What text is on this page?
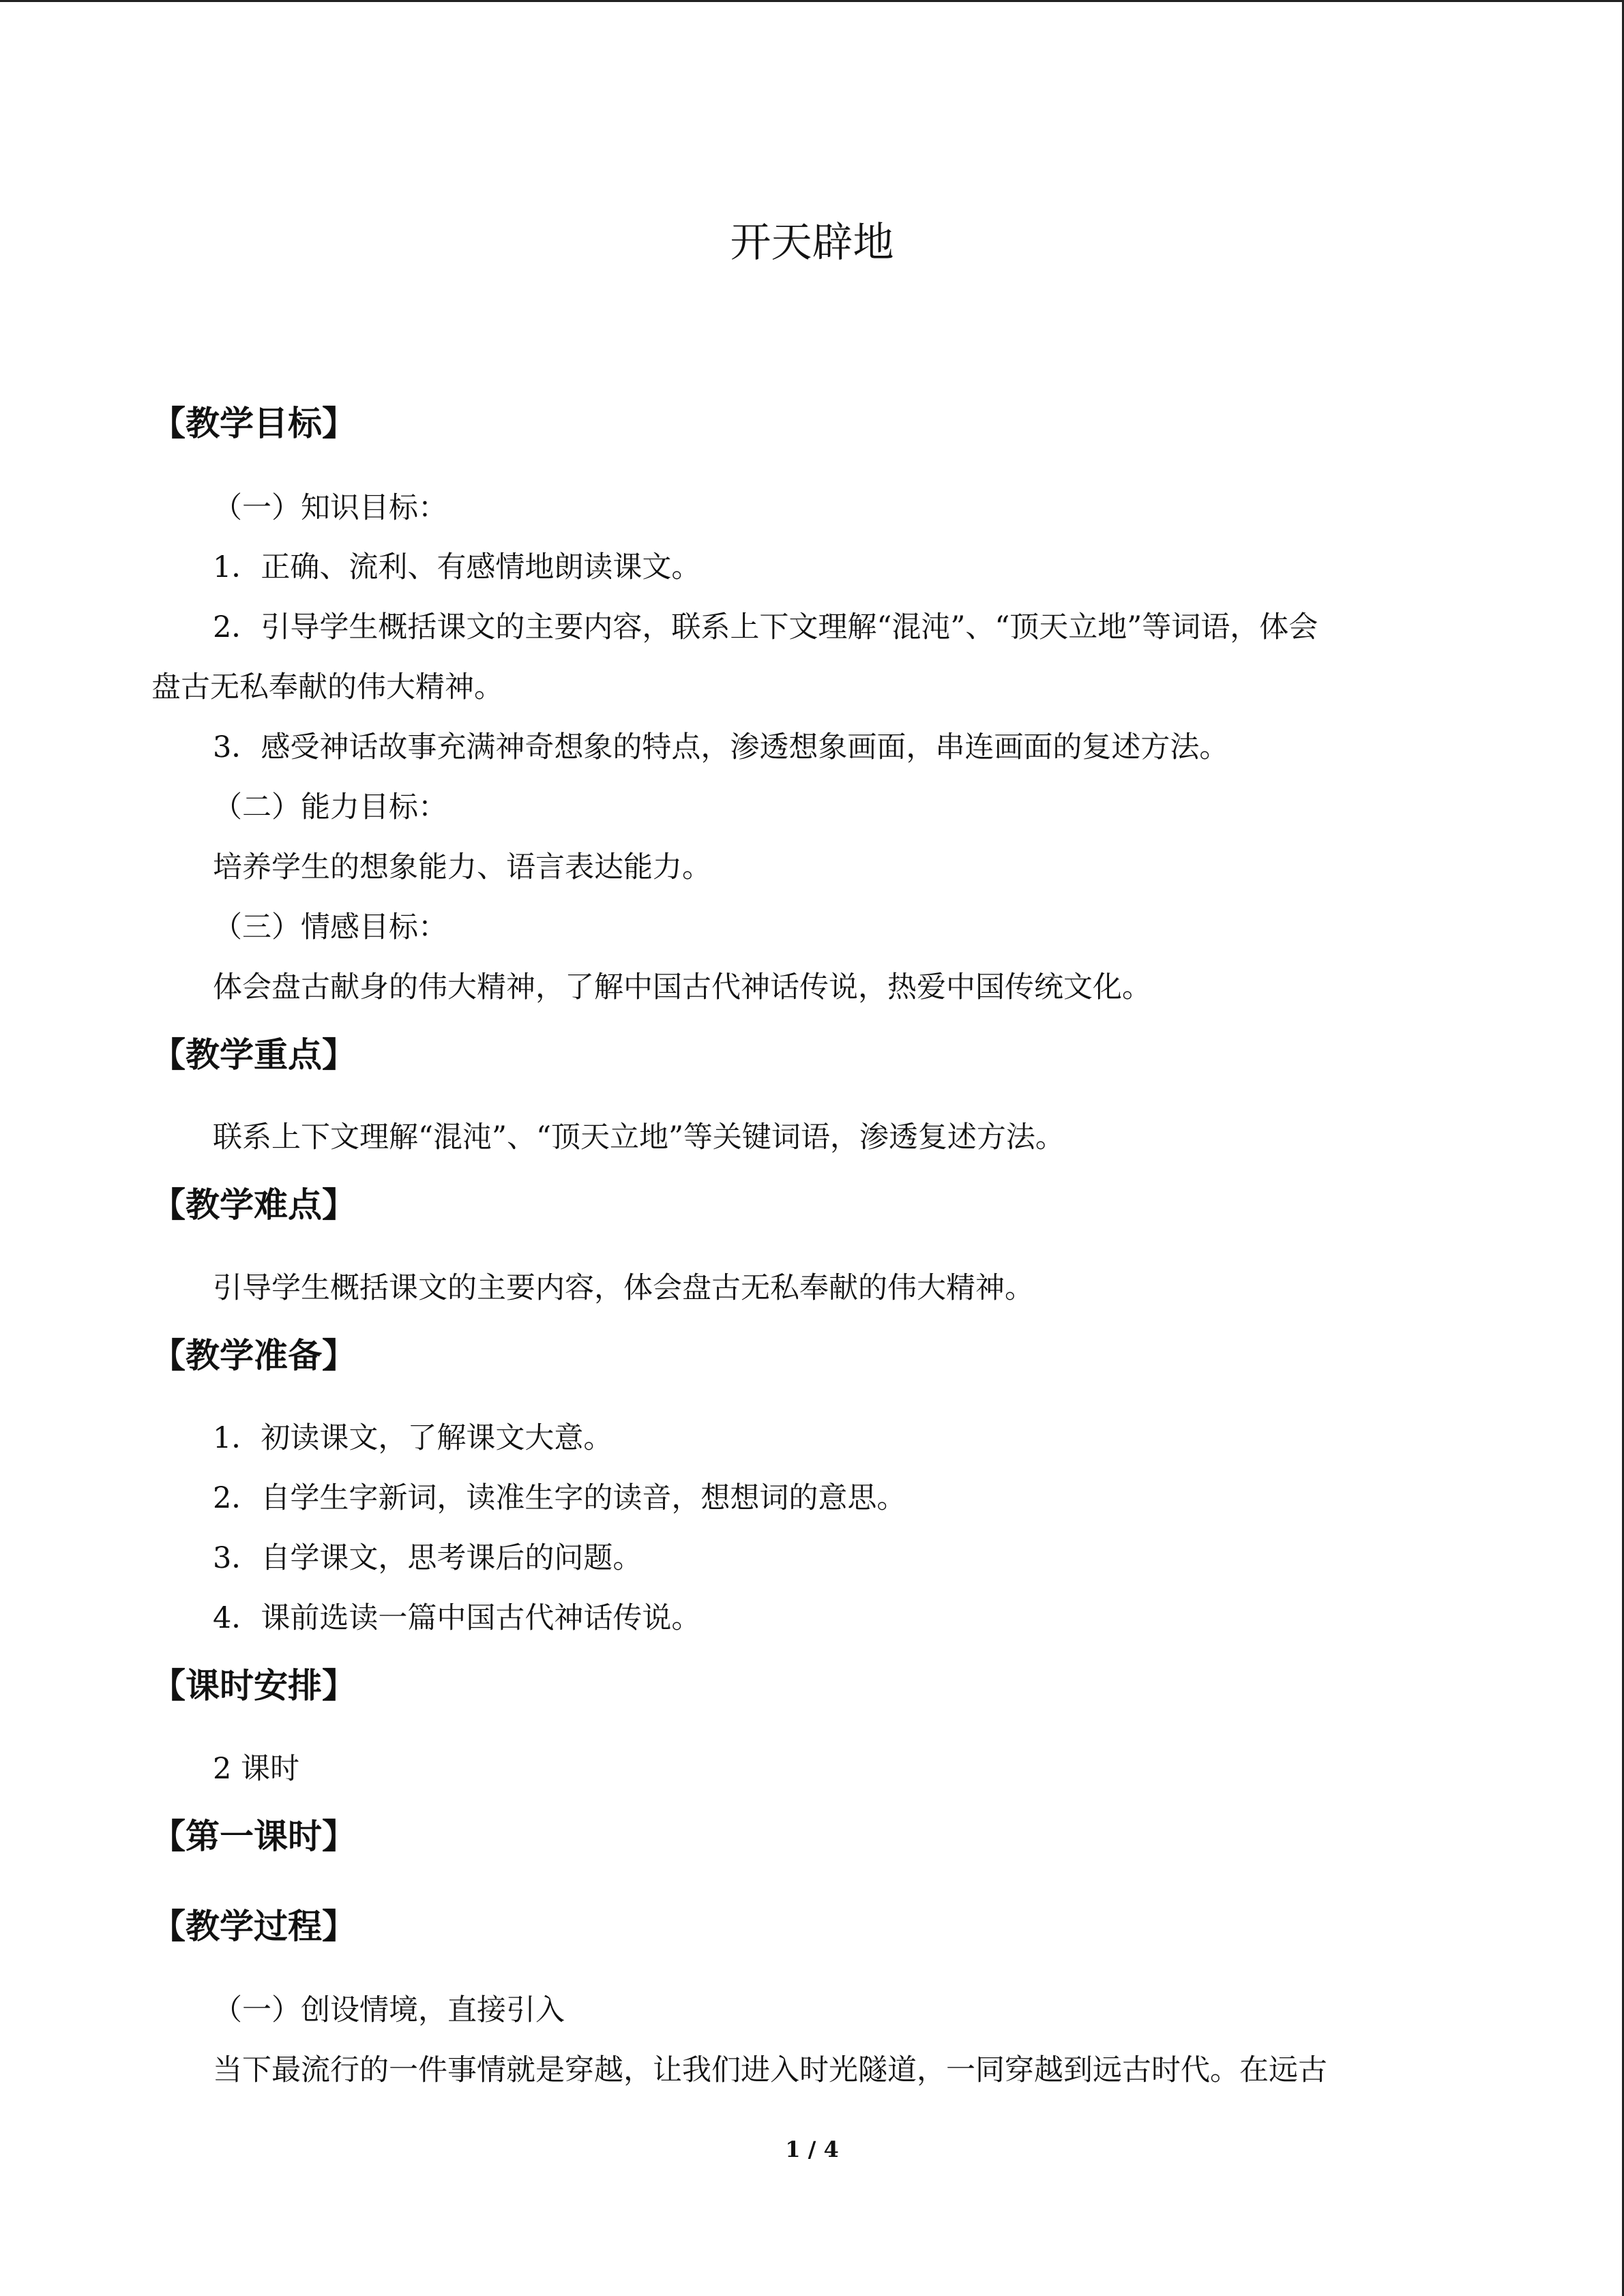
开天辟地
【教学目标】
（一）知识目标：
1．正确、流利、有感情地朗读课文。
2．引导学生概括课文的主要内容，联系上下文理解“混沌”、“顶天立地”等词语，体会
盘古无私奉献的伟大精神。
3．感受神话故事充满神奇想象的特点，渗透想象画面，串连画面的复述方法。
（二）能力目标：
培养学生的想象能力、语言表达能力。
（三）情感目标：
体会盘古献身的伟大精神，了解中国古代神话传说，热爱中国传统文化。
【教学重点】
联系上下文理解“混沌”、“顶天立地”等关键词语，渗透复述方法。
【教学难点】
引导学生概括课文的主要内容，体会盘古无私奉献的伟大精神。
【教学准备】
1．初读课文，了解课文大意。
2．自学生字新词，读准生字的读音，想想词的意思。
3．自学课文，思考课后的问题。
4．课前选读一篇中国古代神话传说。
【课时安排】
2 课时
【第一课时】
【教学过程】
（一）创设情境，直接引入
当下最流行的一件事情就是穿越，让我们进入时光隧道，一同穿越到远古时代。在远古
1 / 4
